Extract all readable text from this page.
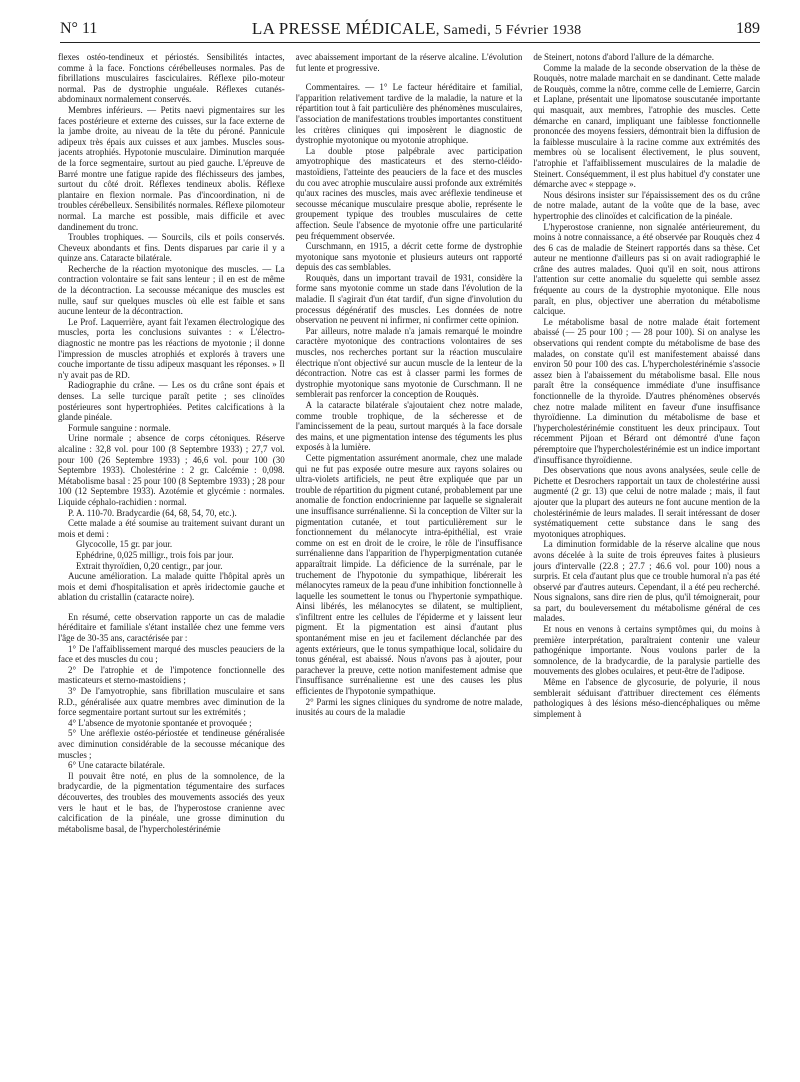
N° 11	LA PRESSE MÉDICALE, Samedi, 5 Février 1938	189

flexes ostéo-tendineux et périostés. Sensibilités intactes, comme à la face. Fonctions cérébelleuses normales. Pas de fibrillations musculaires fasciculaires. Réflexe pilo-moteur normal. Pas de dystrophie unguéale. Réflexes cutanés-abdominaux normalement conservés.

Membres inférieurs. — Petits naevi pigmentaires sur les faces postérieure et externe des cuisses, sur la face externe de la jambe droite, au niveau de la tête du péroné. Pannicule adipeux très épais aux cuisses et aux jambes. Muscles sous-jacents atrophiés. Hypotonie musculaire. Diminution marquée de la force segmentaire, surtout au pied gauche. L'épreuve de Barré montre une fatigue rapide des fléchisseurs des jambes, surtout du côté droit. Réflexes tendineux abolis. Réflexe plantaire en flexion normale. Pas d'incoordination, ni de troubles cérébelleux. Sensibilités normales. Réflexe pilomoteur normal. La marche est possible, mais difficile et avec dandinement du tronc.

Troubles trophiques. — Sourcils, cils et poils conservés. Cheveux abondants et fins. Dents disparues par carie il y a quinze ans. Cataracte bilatérale.

Recherche de la réaction myotonique des muscles. — La contraction volontaire se fait sans lenteur ; il en est de même de la décontraction. La secousse mécanique des muscles est nulle, sauf sur quelques muscles où elle est faible et sans aucune lenteur de la décontraction.

Le Prof. Laquerrière, ayant fait l'examen électrologique des muscles, porta les conclusions suivantes : « L'électro-diagnostic ne montre pas les réactions de myotonie ; il donne l'impression de muscles atrophiés et explorés à travers une couche importante de tissu adipeux masquant les réponses. » Il n'y avait pas de RD.

Radiographie du crâne. — Les os du crâne sont épais et denses. La selle turcique paraît petite ; ses clinoïdes postérieures sont hypertrophiées. Petites calcifications à la glande pinéale.

Formule sanguine : normale.

Urine normale ; absence de corps cétoniques. Réserve alcaline : 32,8 vol. pour 100 (8 Septembre 1933) ; 27,7 vol. pour 100 (26 Septembre 1933) ; 46,6 vol. pour 100 (30 Septembre 1933). Cholestérine : 2 gr. Calcémie : 0,098. Métabolisme basal : 25 pour 100 (8 Septembre 1933) ; 28 pour 100 (12 Septembre 1933). Azotémie et glycémie : normales. Liquide céphalo-rachidien : normal.

P. A. 110-70. Bradycardie (64, 68, 54, 70, etc.).

Cette malade a été soumise au traitement suivant durant un mois et demi :

Glycocolle, 15 gr. par jour.

Ephédrine, 0,025 milligr., trois fois par jour.

Extrait thyroïdien, 0,20 centigr., par jour.

Aucune amélioration. La malade quitte l'hôpital après un mois et demi d'hospitalisation et après iridectomie gauche et ablation du cristallin (cataracte noire).

En résumé, cette observation rapporte un cas de maladie héréditaire et familiale s'étant installée chez une femme vers l'âge de 30-35 ans, caractérisée par :

1° De l'affaiblissement marqué des muscles peauciers de la face et des muscles du cou ;

2° De l'atrophie et de l'impotence fonctionnelle des masticateurs et sterno-mastoïdiens ;

3° De l'amyotrophie, sans fibrillation musculaire et sans R.D., généralisée aux quatre membres avec diminution de la force segmentaire portant surtout sur les extrémités ;

4° L'absence de myotonie spontanée et provoquée ;

5° Une aréflexie ostéo-périostée et tendineuse généralisée avec diminution considérable de la secousse mécanique des muscles ;

6° Une cataracte bilatérale.

Il pouvait être noté, en plus de la somnolence, de la bradycardie, de la pigmentation tégumentaire des surfaces découvertes, des troubles des mouvements associés des yeux vers le haut et le bas, de l'hyperostose cranienne avec calcification de la pinéale, une grosse diminution du métabolisme basal, de l'hypercholestérinémie

avec abaissement important de la réserve alcaline. L'évolution fut lente et progressive.

Commentaires. — 1° Le facteur héréditaire et familial, l'apparition relativement tardive de la maladie, la nature et la répartition tout à fait particulière des phénomènes musculaires, l'association de manifestations troubles importantes constituent les critères cliniques qui imposèrent le diagnostic de dystrophie myotonique ou myotonie atrophique.

La double ptose palpébrale avec participation amyotrophique des masticateurs et des sterno-cléido-mastoïdiens, l'atteinte des peauciers de la face et des muscles du cou avec atrophie musculaire aussi profonde aux extrémités qu'aux racines des muscles, mais avec aréflexie tendineuse et secousse mécanique musculaire presque abolie, représente le groupement typique des troubles musculaires de cette affection. Seule l'absence de myotonie offre une particularité peu fréquemment observée.

Curschmann, en 1915, a décrit cette forme de dystrophie myotonique sans myotonie et plusieurs auteurs ont rapporté depuis des cas semblables.

Rouquès, dans un important travail de 1931, considère la forme sans myotonie comme un stade dans l'évolution de la maladie. Il s'agirait d'un état tardif, d'un signe d'involution du processus dégénératif des muscles. Les données de notre observation ne peuvent ni infirmer, ni confirmer cette opinion.

Par ailleurs, notre malade n'a jamais remarqué le moindre caractère myotonique des contractions volontaires de ses muscles, nos recherches portant sur la réaction musculaire électrique n'ont objectivé sur aucun muscle de la lenteur de la décontraction. Notre cas est à classer parmi les formes de dystrophie myotonique sans myotonie de Curschmann. Il ne semblerait pas renforcer la conception de Rouquès.

A la cataracte bilatérale s'ajoutaient chez notre malade, comme trouble trophique, de la sécheresse et de l'amincissement de la peau, surtout marqués à la face dorsale des mains, et une pigmentation intense des téguments les plus exposés à la lumière.

Cette pigmentation assurément anormale, chez une malade qui ne fut pas exposée outre mesure aux rayons solaires ou ultra-violets artificiels, ne peut être expliquée que par un trouble de répartition du pigment cutané, probablement par une anomalie de fonction endocrinienne par laquelle se signalerait une insuffisance surrénalienne. Si la conception de Vilter sur la pigmentation cutanée, et tout particulièrement sur le fonctionnement du mélanocyte intra-épithélial, est vraie comme on est en droit de le croire, le rôle de l'insuffisance surrénalienne dans l'apparition de l'hyperpigmentation cutanée apparaîtrait limpide. La déficience de la surrénale, par le truchement de l'hypotonie du sympathique, libérerait les mélanocytes rameux de la peau d'une inhibition fonctionnelle à laquelle les soumettent le tonus ou l'hypertonie sympathique. Ainsi libérés, les mélanocytes se dilatent, se multiplient, s'infiltrent entre les cellules de l'épiderme et y laissent leur pigment. Et la pigmentation est ainsi d'autant plus spontanément mise en jeu et facilement déclanchée par des agents extérieurs, que le tonus sympathique local, solidaire du tonus général, est abaissé. Nous n'avons pas à ajouter, pour parachever la preuve, cette notion manifestement admise que l'insuffisance surrénalienne est une des causes les plus efficientes de l'hypotonie sympathique.

2° Parmi les signes cliniques du syndrome de notre malade, inusités au cours de la maladie

de Steinert, notons d'abord l'allure de la démarche.

Comme la malade de la seconde observation de la thèse de Rouquès, notre malade marchait en se dandinant. Cette malade de Rouquès, comme la nôtre, comme celle de Lemierre, Garcin et Laplane, présentait une lipomatose souscutanée importante qui masquait, aux membres, l'atrophie des muscles. Cette démarche en canard, impliquant une faiblesse fonctionnelle prononcée des moyens fessiers, démontrait bien la diffusion de la faiblesse musculaire à la racine comme aux extrémités des membres où se localisent électivement, le plus souvent, l'atrophie et l'affaiblissement musculaires de la maladie de Steinert. Conséquemment, il est plus habituel d'y constater une démarche avec « steppage ».

Nous désirons insister sur l'épaississement des os du crâne de notre malade, autant de la voûte que de la base, avec hypertrophie des clinoïdes et calcification de la pinéale.

L'hyperostose cranienne, non signalée antérieurement, du moins à notre connaissance, a été observée par Rouquès chez 4 des 6 cas de maladie de Steinert rapportés dans sa thèse. Cet auteur ne mentionne d'ailleurs pas si on avait radiographié le crâne des autres malades. Quoi qu'il en soit, nous attirons l'attention sur cette anomalie du squelette qui semble assez fréquente au cours de la dystrophie myotonique. Elle nous paraît, en plus, objectiver une aberration du métabolisme calcique.

Le métabolisme basal de notre malade était fortement abaissé (— 25 pour 100 ; — 28 pour 100). Si on analyse les observations qui rendent compte du métabolisme de base des malades, on constate qu'il est manifestement abaissé dans environ 50 pour 100 des cas. L'hypercholestérinémie s'associe assez bien à l'abaissement du métabolisme basal. Elle nous paraît être la conséquence immédiate d'une insuffisance fonctionnelle de la thyroïde. D'autres phénomènes observés chez notre malade militent en faveur d'une insuffisance thyroïdienne. La diminution du métabolisme de base et l'hypercholestérinémie constituent les deux principaux. Tout récemment Pijoan et Bérard ont démontré d'une façon péremptoire que l'hypercholestérinémie est un indice important d'insuffisance thyroïdienne.

Des observations que nous avons analysées, seule celle de Pichette et Desrochers rapportait un taux de cholestérine aussi augmenté (2 gr. 13) que celui de notre malade ; mais, il faut ajouter que la plupart des auteurs ne font aucune mention de la cholestérinémie de leurs malades. Il serait intéressant de doser systématiquement cette substance dans le sang des myotoniques atrophiques.

La diminution formidable de la réserve alcaline que nous avons décelée à la suite de trois épreuves faites à plusieurs jours d'intervalle (22.8 ; 27.7 ; 46.6 vol. pour 100) nous a surpris. Et cela d'autant plus que ce trouble humoral n'a pas été observé par d'autres auteurs. Cependant, il a été peu recherché. Nous signalons, sans dire rien de plus, qu'il témoignerait, pour sa part, du bouleversement du métabolisme général de ces malades.

Et nous en venons à certains symptômes qui, du moins à première interprétation, paraîtraient contenir une valeur pathogénique importante. Nous voulons parler de la somnolence, de la bradycardie, de la paralysie partielle des mouvements des globes oculaires, et peut-être de l'adipose.

Même en l'absence de glycosurie, de polyurie, il nous semblerait séduisant d'attribuer directement ces éléments pathologiques à des lésions méso-diencéphaliques ou même simplement à
